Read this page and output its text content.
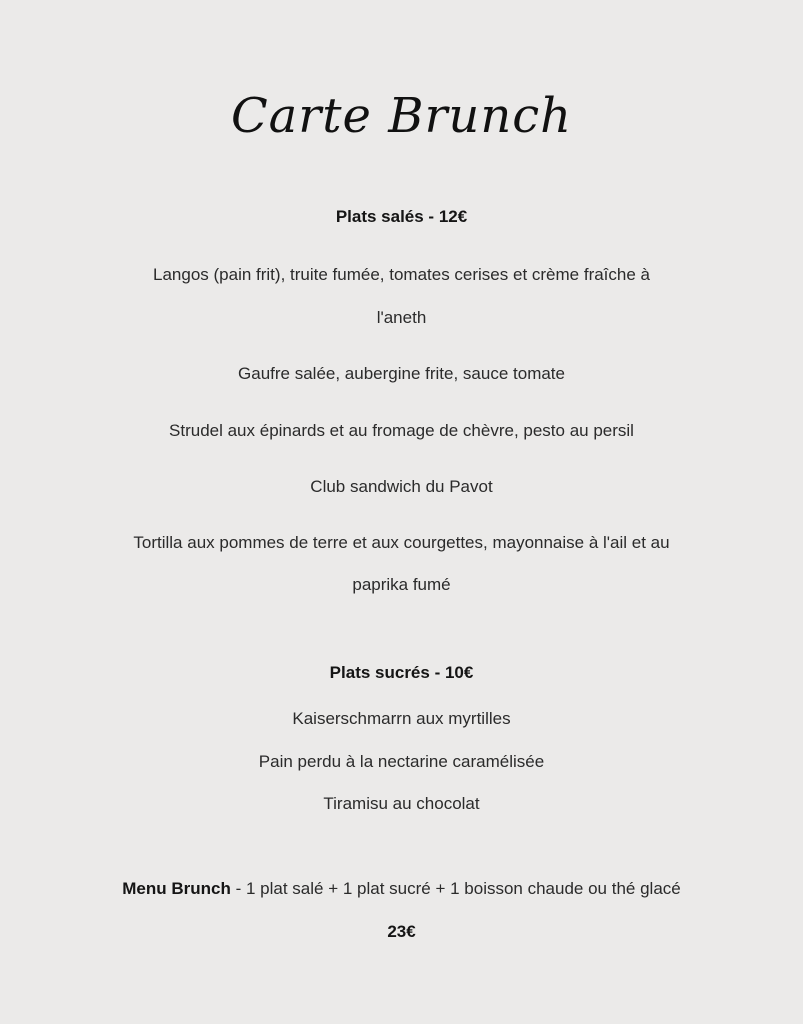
Carte Brunch
Plats salés - 12€
Langos (pain frit), truite fumée, tomates cerises et crème fraîche à
l'aneth
Gaufre salée, aubergine frite, sauce tomate
Strudel aux épinards et au fromage de chèvre, pesto au persil
Club sandwich du Pavot
Tortilla aux pommes de terre et aux courgettes, mayonnaise à l'ail et au
paprika fumé
Plats sucrés - 10€
Kaiserschmarrn aux myrtilles
Pain perdu à la nectarine caramélisée
Tiramisu au chocolat
Menu Brunch - 1 plat salé + 1 plat sucré + 1 boisson chaude ou thé glacé
23€
